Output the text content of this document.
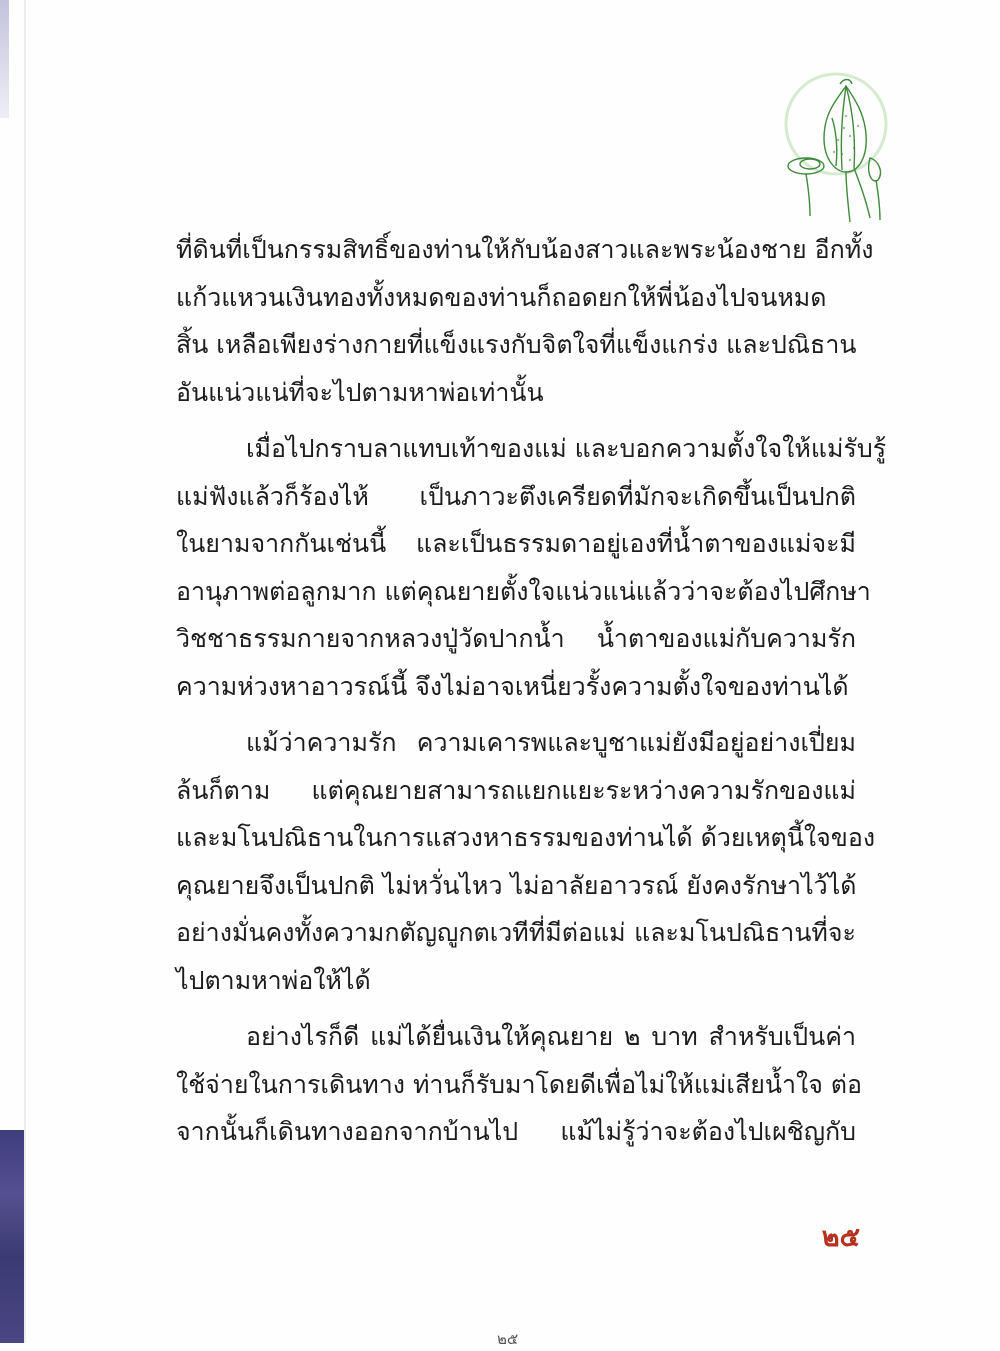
ที่ดินที่เป็นกรรมสิทธิ์ของท่านให้กับน้องสาวและพระน้องชาย อีกทั้ง
แก้วแหวนเงินทองทั้งหมดของท่านก็ถอดยกให้พี่น้องไปจนหมด
สิ้น เหลือเพียงร่างกายที่แข็งแรงกับจิตใจที่แข็งแกร่ง และปณิธาน
อันแน่วแน่ที่จะไปตามหาพ่อเท่านั้น

เมื่อไปกราบลาแทบเท้าของแม่ และบอกความตั้งใจให้แม่รับรู้
แม่ฟังแล้วก็ร้องไห้ เป็นภาวะตึงเครียดที่มักจะเกิดขึ้นเป็นปกติ
ในยามจากกันเช่นนี้ และเป็นธรรมดาอยู่เองที่น้ำตาของแม่จะมี
อานุภาพต่อลูกมาก แต่คุณยายตั้งใจแน่วแน่แล้วว่าจะต้องไปศึกษา
วิชชาธรรมกายจากหลวงปู่วัดปากน้ำ น้ำตาของแม่กับความรัก
ความห่วงหาอาวรณ์นี้ จึงไม่อาจเหนี่ยวรั้งความตั้งใจของท่านได้

แม้ว่าความรัก ความเคารพและบูชาแม่ยังมีอยู่อย่างเปี่ยม
ล้นก็ตาม แต่คุณยายสามารถแยกแยะระหว่างความรักของแม่
และมโนปณิธานในการแสวงหาธรรมของท่านได้ ด้วยเหตุนี้ใจของ
คุณยายจึงเป็นปกติ ไม่หวั่นไหว ไม่อาลัยอาวรณ์ ยังคงรักษาไว้ได้
อย่างมั่นคงทั้งความกตัญญูกตเวทีที่มีต่อแม่ และมโนปณิธานที่จะ
ไปตามหาพ่อให้ได้

อย่างไรก็ดี แม่ได้ยื่นเงินให้คุณยาย ๒ บาท สำหรับเป็นค่า
ใช้จ่ายในการเดินทาง ท่านก็รับมาโดยดีเพื่อไม่ให้แม่เสียน้ำใจ ต่อ
จากนั้นก็เดินทางออกจากบ้านไป แม้ไม่รู้ว่าจะต้องไปเผชิญกับ

๒๕
๒๕
